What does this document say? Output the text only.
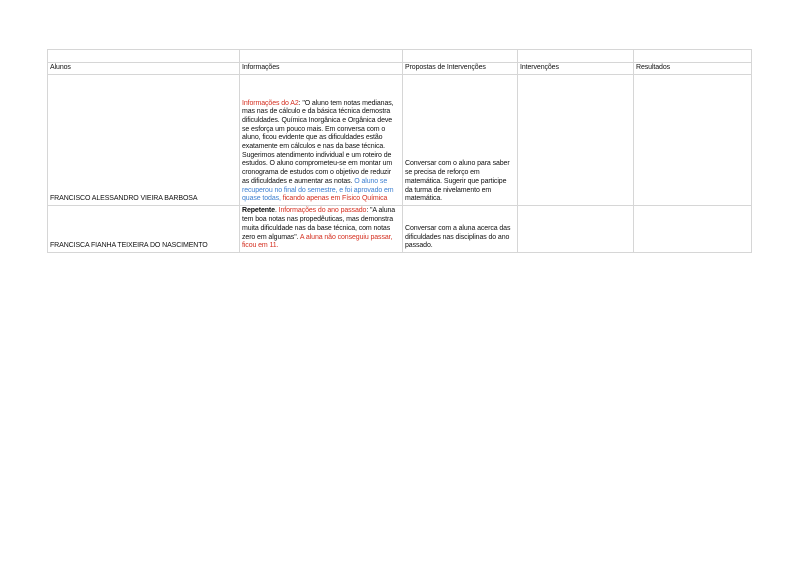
Alunos	Informações	Propostas de Intervenções	Intervenções	Resultados
FRANCISCO ALESSANDRO VIEIRA BARBOSA	Informações do A2: "O aluno tem notas medianas, mas nas de cálculo e da básica técnica demostra dificuldades. Química Inorgânica e Orgânica deve se esforça um pouco mais. Em conversa com o aluno, ficou evidente que as dificuldades estão exatamente em cálculos e nas da base técnica. Sugerimos atendimento individual e um roteiro de estudos. O aluno comprometeu-se em montar um cronograma de estudos com o objetivo de reduzir as dificuldades e aumentar as notas. O aluno se recuperou no final do semestre, e foi aprovado em quase todas, ficando apenas em Físico Química	Conversar com o aluno para saber se precisa de reforço em matemática. Sugerir que participe da turma de nivelamento em matemática.		
FRANCISCA FIANHA TEIXEIRA DO NASCIMENTO	Repetente. Informações do ano passado: "A aluna tem boa notas nas propedêuticas, mas demonstra muita dificuldade nas da base técnica, com notas zero em algumas". A aluna não conseguiu passar, ficou em 11.	Conversar com a aluna acerca das dificuldades nas disciplinas do ano passado.		
